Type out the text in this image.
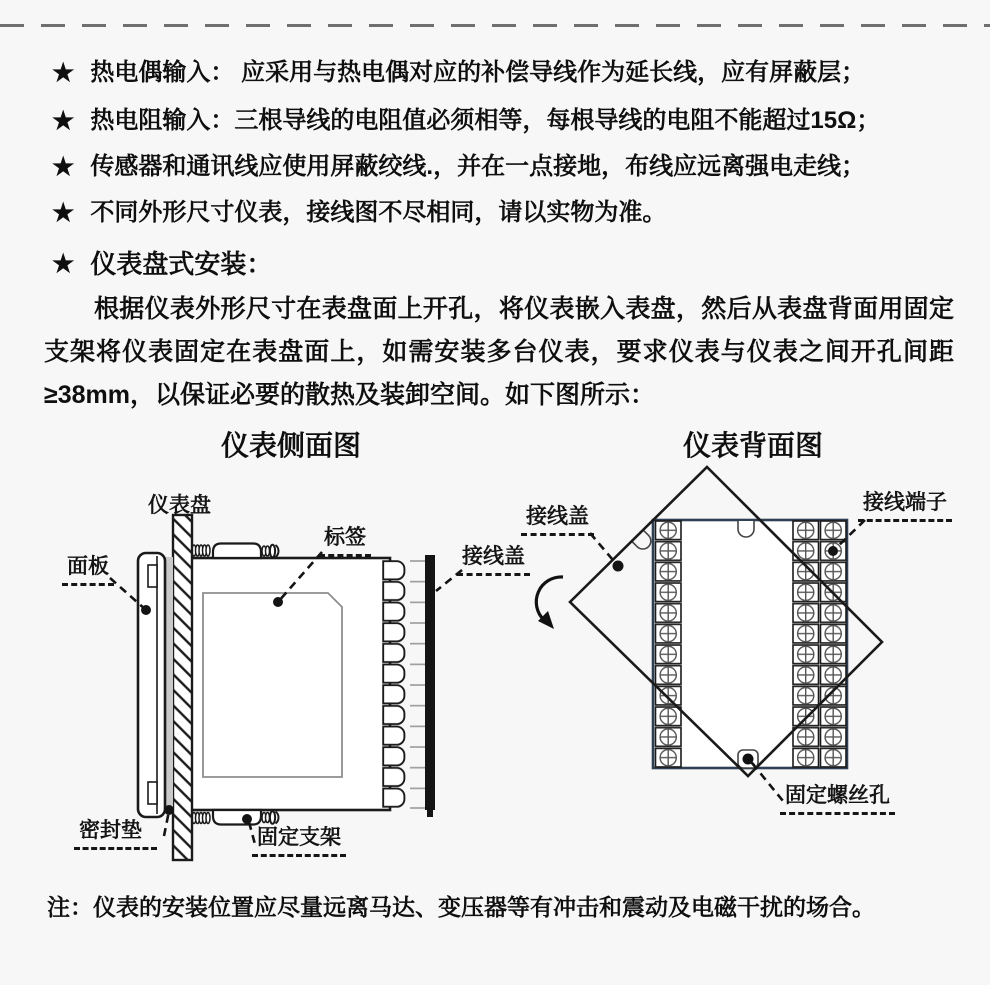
★ 热电偶输入： 应采用与热电偶对应的补偿导线作为延长线，应有屏蔽层；
★ 热电阻输入：三根导线的电阻值必须相等，每根导线的电阻不能超过15Ω；
★ 传感器和通讯线应使用屏蔽绞线.，并在一点接地，布线应远离强电走线；
★ 不同外形尺寸仪表，接线图不尽相同，请以实物为准。
★ 仪表盘式安装：

根据仪表外形尺寸在表盘面上开孔，将仪表嵌入表盘，然后从表盘背面用固定支架将仪表固定在表盘面上，如需安装多台仪表，要求仪表与仪表之间开孔间距≥38mm，以保证必要的散热及装卸空间。如下图所示：

仪表侧面图	仪表背面图
仪表盘
面板
标签
接线盖
密封垫	固定支架
接线盖
接线端子
固定螺丝孔

注：仪表的安装位置应尽量远离马达、变压器等有冲击和震动及电磁干扰的场合。
